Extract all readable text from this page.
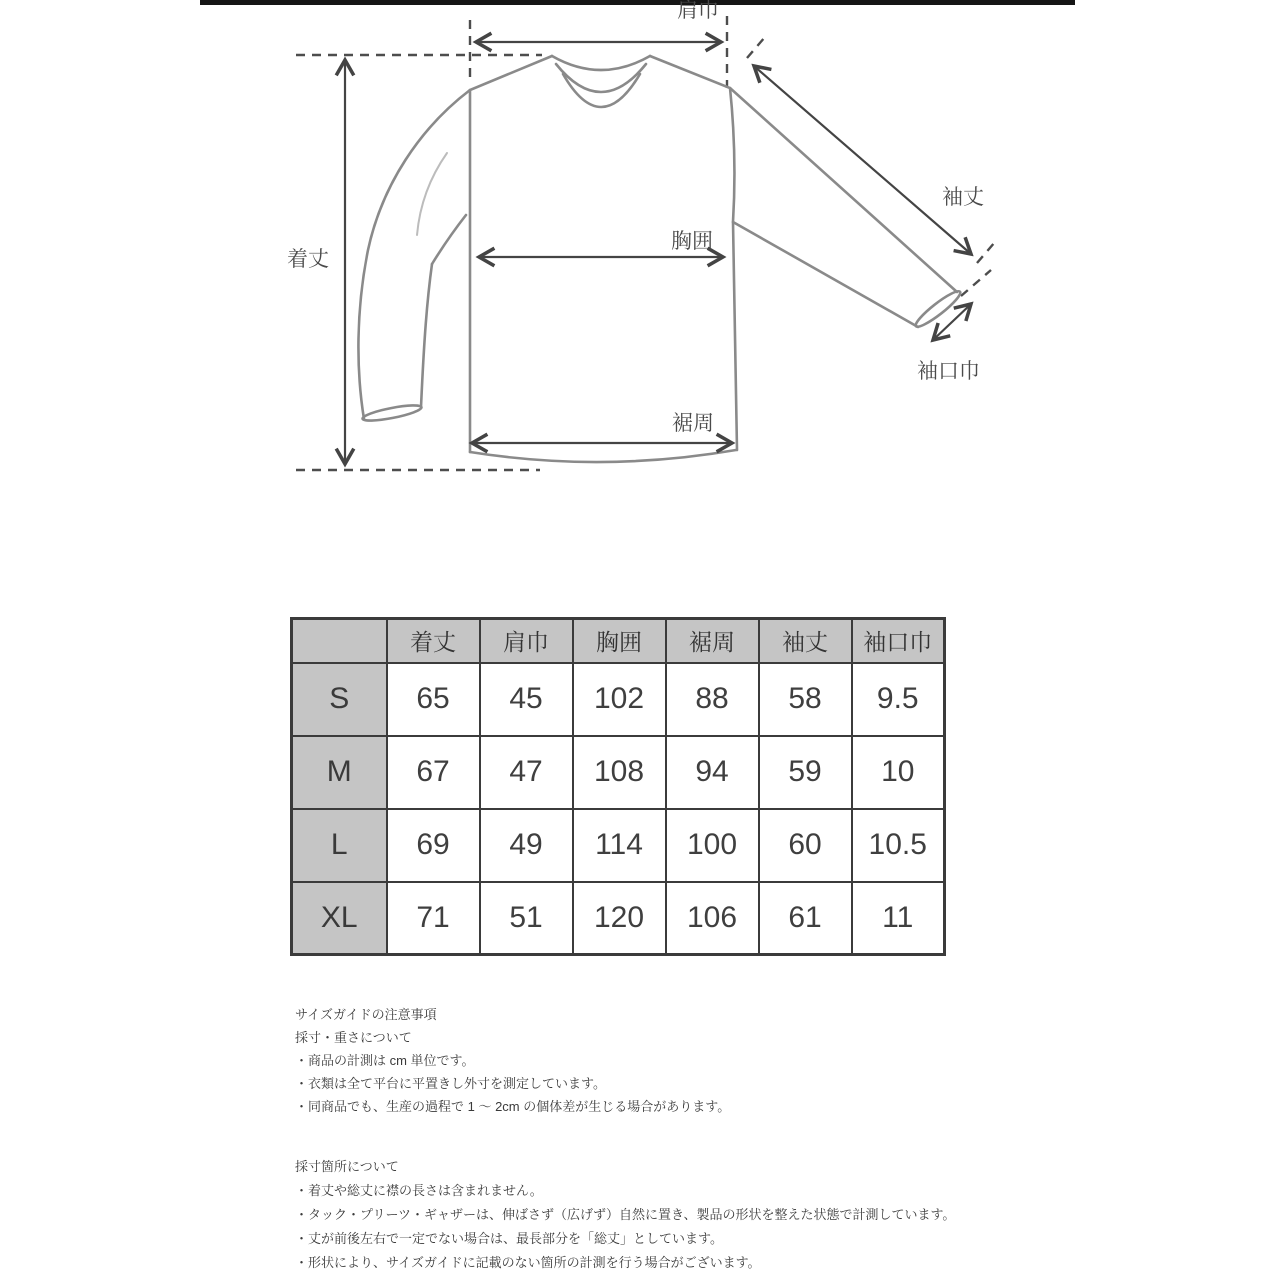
肩巾
着丈
胸囲
裾周
袖丈
袖口巾
	着丈	肩巾	胸囲	裾周	袖丈	袖口巾
S	65	45	102	88	58	9.5
M	67	47	108	94	59	10
L	69	49	114	100	60	10.5
XL	71	51	120	106	61	11
サイズガイドの注意事項
採寸・重さについて
・商品の計測は cm 単位です。
・衣類は全て平台に平置きし外寸を測定しています。
・同商品でも、生産の過程で 1 ～ 2cm の個体差が生じる場合があります。
採寸箇所について
・着丈や総丈に襟の長さは含まれません。
・タック・プリーツ・ギャザーは、伸ばさず（広げず）自然に置き、製品の形状を整えた状態で計測しています。
・丈が前後左右で一定でない場合は、最長部分を「総丈」としています。
・形状により、サイズガイドに記載のない箇所の計測を行う場合がございます。
